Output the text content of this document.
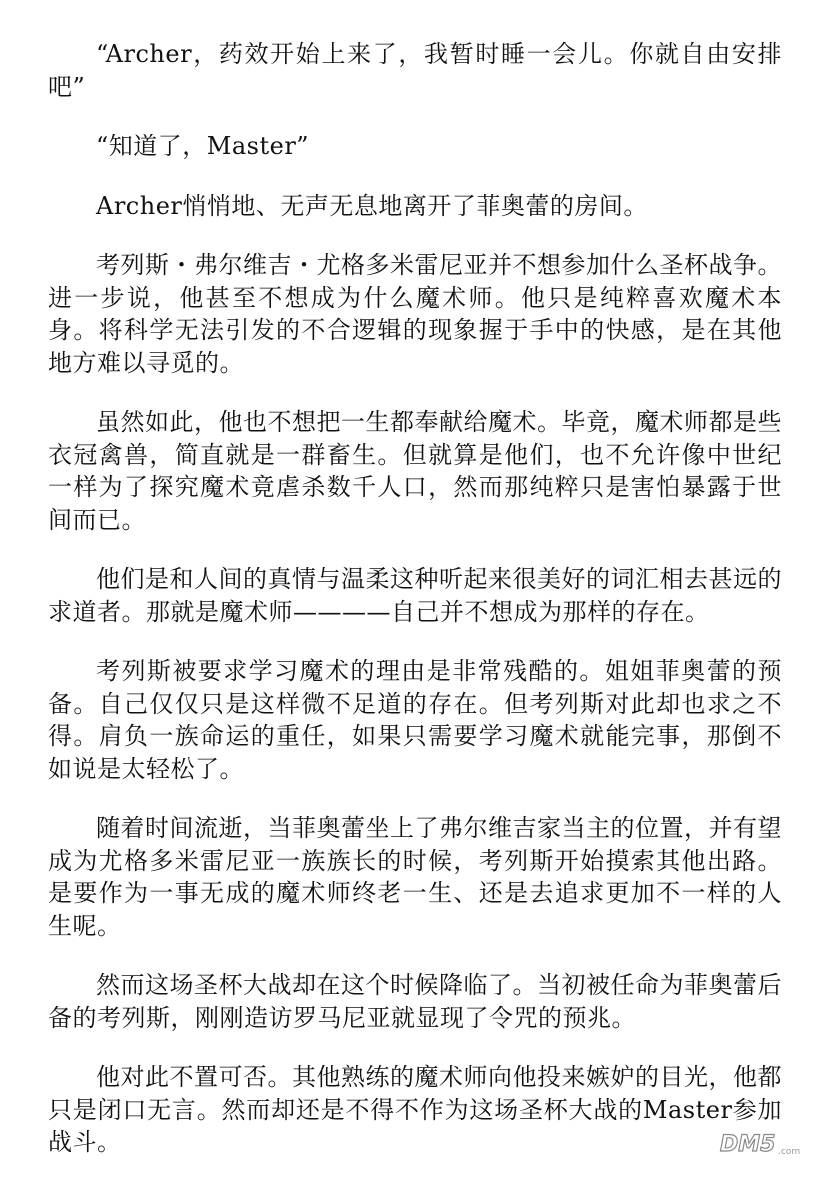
“Archer，药效开始上来了，我暂时睡一会儿。你就自由安排吧”

“知道了，Master”

Archer悄悄地、无声无息地离开了菲奥蕾的房间。

考列斯・弗尔维吉・尤格多米雷尼亚并不想参加什么圣杯战争。进一步说，他甚至不想成为什么魔术师。他只是纯粹喜欢魔术本身。将科学无法引发的不合逻辑的现象握于手中的快感，是在其他地方难以寻觅的。

虽然如此，他也不想把一生都奉献给魔术。毕竟，魔术师都是些衣冠禽兽，简直就是一群畜生。但就算是他们，也不允许像中世纪一样为了探究魔术竟虐杀数千人口，然而那纯粹只是害怕暴露于世间而已。

他们是和人间的真情与温柔这种听起来很美好的词汇相去甚远的求道者。那就是魔术师————自己并不想成为那样的存在。

考列斯被要求学习魔术的理由是非常残酷的。姐姐菲奥蕾的预备。自己仅仅只是这样微不足道的存在。但考列斯对此却也求之不得。肩负一族命运的重任，如果只需要学习魔术就能完事，那倒不如说是太轻松了。

随着时间流逝，当菲奥蕾坐上了弗尔维吉家当主的位置，并有望成为尤格多米雷尼亚一族族长的时候，考列斯开始摸索其他出路。是要作为一事无成的魔术师终老一生、还是去追求更加不一样的人生呢。

然而这场圣杯大战却在这个时候降临了。当初被任命为菲奥蕾后备的考列斯，刚刚造访罗马尼亚就显现了令咒的预兆。

他对此不置可否。其他熟练的魔术师向他投来嫉妒的目光，他都只是闭口无言。然而却还是不得不作为这场圣杯大战的Master参加战斗。	DM5 .com
